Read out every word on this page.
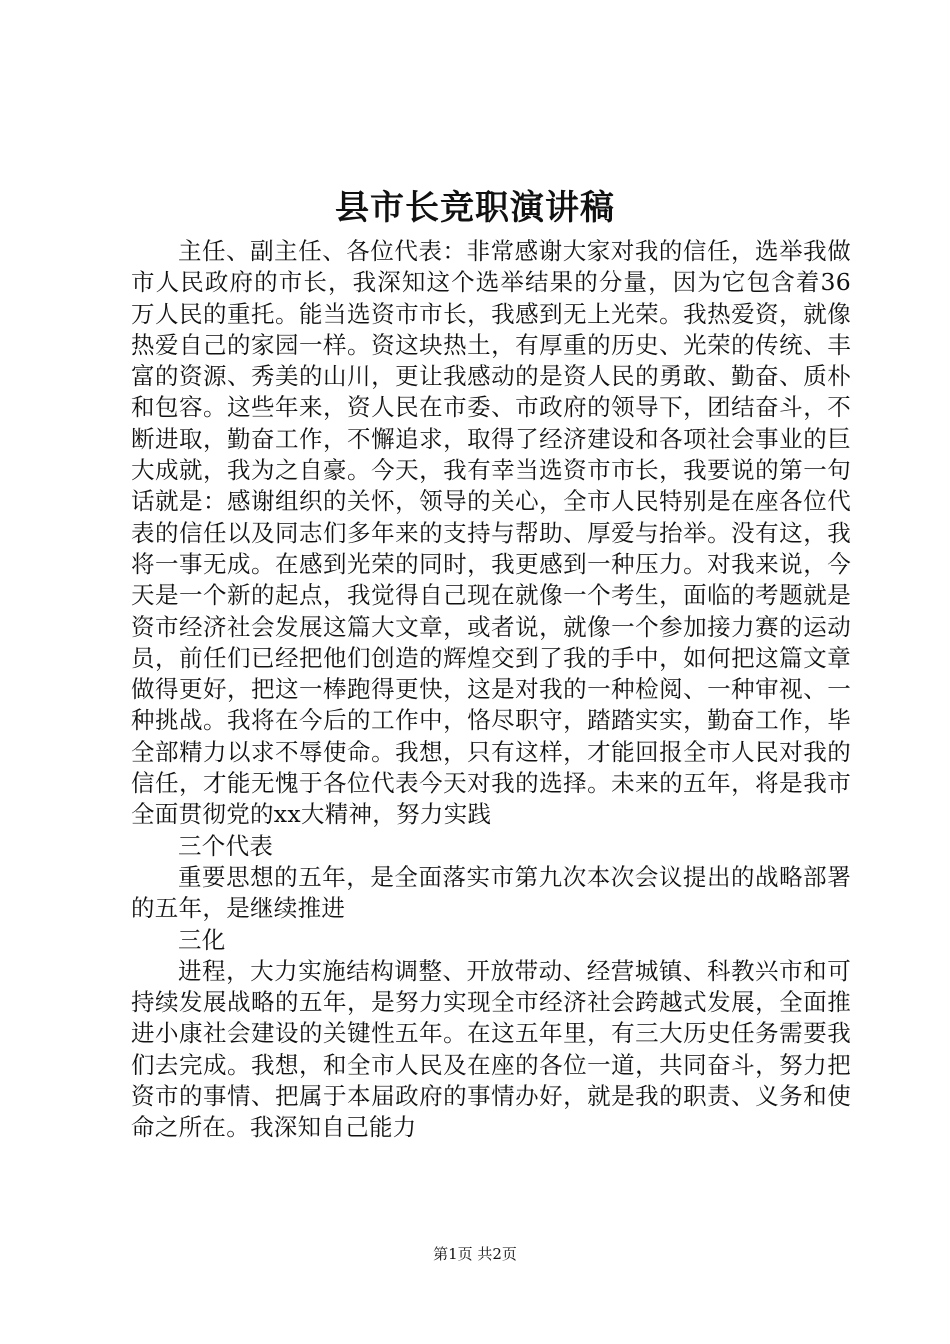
县市长竞职演讲稿

主任、副主任、各位代表：非常感谢大家对我的信任，选举我做市人民政府的市长，我深知这个选举结果的分量，因为它包含着36万人民的重托。能当选资市市长，我感到无上光荣。我热爱资，就像热爱自己的家园一样。资这块热土，有厚重的历史、光荣的传统、丰富的资源、秀美的山川，更让我感动的是资人民的勇敢、勤奋、质朴和包容。这些年来，资人民在市委、市政府的领导下，团结奋斗，不断进取，勤奋工作，不懈追求，取得了经济建设和各项社会事业的巨大成就，我为之自豪。今天，我有幸当选资市市长，我要说的第一句话就是：感谢组织的关怀，领导的关心，全市人民特别是在座各位代表的信任以及同志们多年来的支持与帮助、厚爱与抬举。没有这，我将一事无成。在感到光荣的同时，我更感到一种压力。对我来说，今天是一个新的起点，我觉得自己现在就像一个考生，面临的考题就是资市经济社会发展这篇大文章，或者说，就像一个参加接力赛的运动员，前任们已经把他们创造的辉煌交到了我的手中，如何把这篇文章做得更好，把这一棒跑得更快，这是对我的一种检阅、一种审视、一种挑战。我将在今后的工作中，恪尽职守，踏踏实实，勤奋工作，毕全部精力以求不辱使命。我想，只有这样，才能回报全市人民对我的信任，才能无愧于各位代表今天对我的选择。未来的五年，将是我市全面贯彻党的xx大精神，努力实践

三个代表

重要思想的五年，是全面落实市第九次本次会议提出的战略部署的五年，是继续推进

三化

进程，大力实施结构调整、开放带动、经营城镇、科教兴市和可持续发展战略的五年，是努力实现全市经济社会跨越式发展，全面推进小康社会建设的关键性五年。在这五年里，有三大历史任务需要我们去完成。我想，和全市人民及在座的各位一道，共同奋斗，努力把资市的事情、把属于本届政府的事情办好，就是我的职责、义务和使命之所在。我深知自己能力

第1页 共2页
